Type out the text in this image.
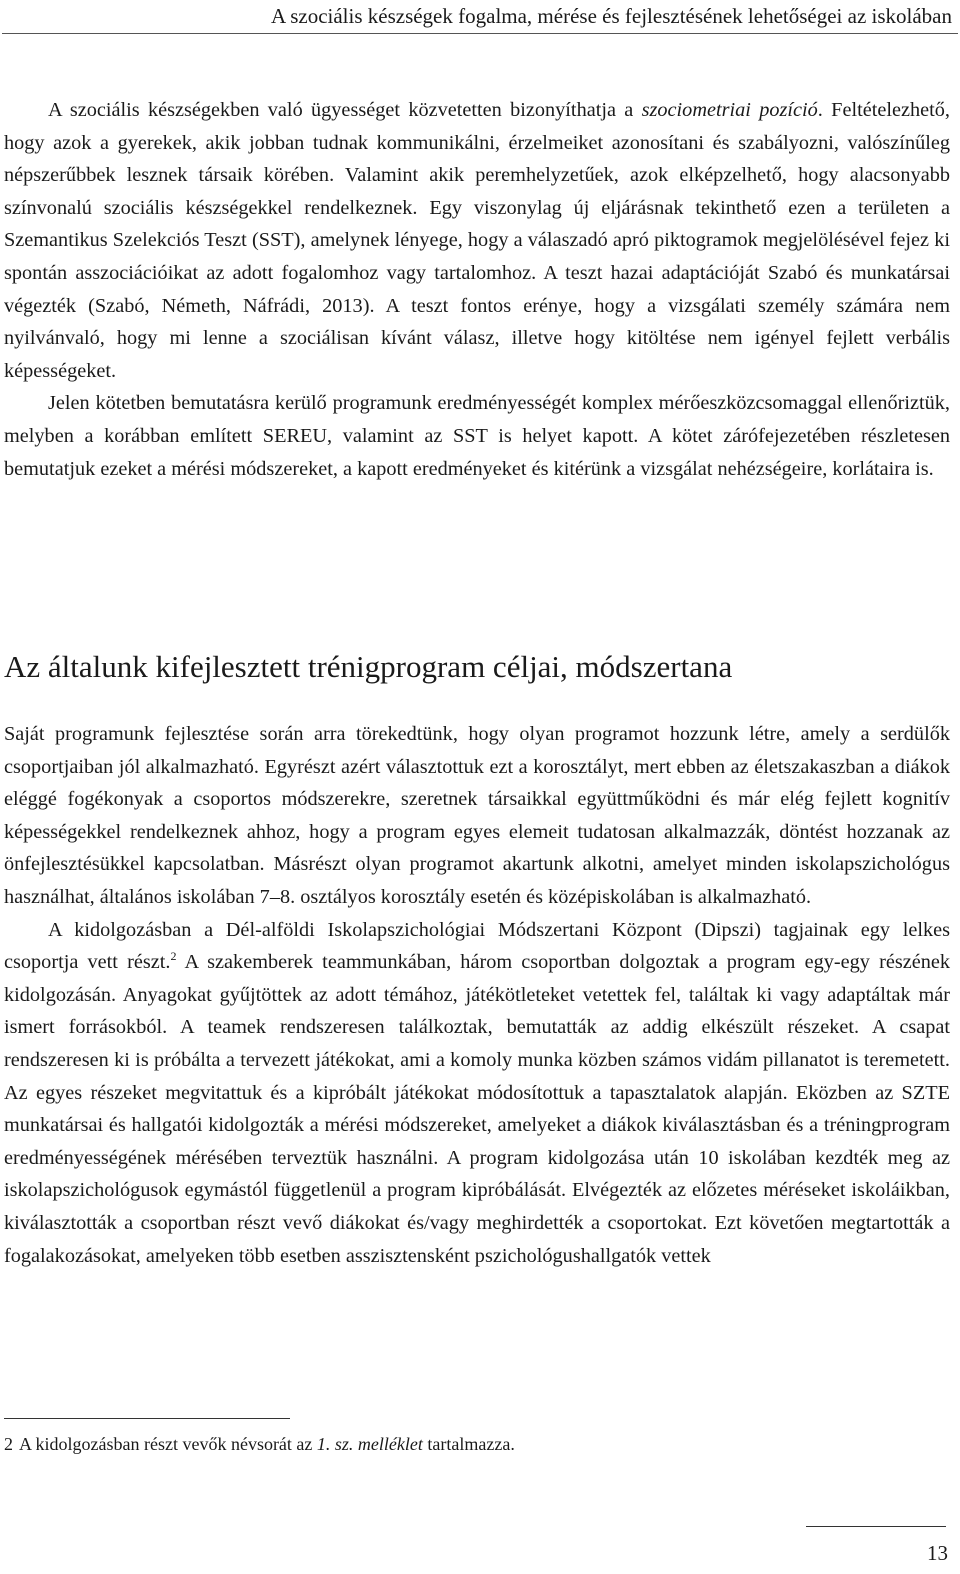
A szociális készségek fogalma, mérése és fejlesztésének lehetőségei az iskolában

A szociális készségekben való ügyességet közvetetten bizonyíthatja a szociometriai pozíció. Feltételezhető, hogy azok a gyerekek, akik jobban tudnak kommunikálni, érzelmeiket azonosítani és szabályozni, valószínűleg népszerűbbek lesznek társaik körében. Valamint akik peremhelyzetűek, azok elképzelhető, hogy alacsonyabb színvonalú szociális készségekkel rendelkeznek. Egy viszonylag új eljárásnak tekinthető ezen a területen a Szemantikus Szelekciós Teszt (SST), amelynek lényege, hogy a válaszadó apró piktogramok megjelölésével fejez ki spontán asszociációikat az adott fogalomhoz vagy tartalomhoz. A teszt hazai adaptációját Szabó és munkatársai végezték (Szabó, Németh, Náfrádi, 2013). A teszt fontos erénye, hogy a vizsgálati személy számára nem nyilvánvaló, hogy mi lenne a szociálisan kívánt válasz, illetve hogy kitöltése nem igényel fejlett verbális képességeket.

Jelen kötetben bemutatásra kerülő programunk eredményességét komplex mérőeszközcsomaggal ellenőriztük, melyben a korábban említett SEREU, valamint az SST is helyet kapott. A kötet zárófejezetében részletesen bemutatjuk ezeket a mérési módszereket, a kapott eredményeket és kitérünk a vizsgálat nehézségeire, korlátaira is.

Az általunk kifejlesztett trénigprogram céljai, módszertana

Saját programunk fejlesztése során arra törekedtünk, hogy olyan programot hozzunk létre, amely a serdülők csoportjaiban jól alkalmazható. Egyrészt azért választottuk ezt a korosztályt, mert ebben az életszakaszban a diákok eléggé fogékonyak a csoportos módszerekre, szeretnek társaikkal együttműködni és már elég fejlett kognitív képességekkel rendelkeznek ahhoz, hogy a program egyes elemeit tudatosan alkalmazzák, döntést hozzanak az önfejlesztésükkel kapcsolatban. Másrészt olyan programot akartunk alkotni, amelyet minden iskolapszichológus használhat, általános iskolában 7–8. osztályos korosztály esetén és középiskolában is alkalmazható.

A kidolgozásban a Dél-alföldi Iskolapszichológiai Módszertani Központ (Dipszi) tagjainak egy lelkes csoportja vett részt.$^2$ A szakemberek teammunkában, három csoportban dolgoztak a program egy-egy részének kidolgozásán. Anyagokat gyűjtöttek az adott témához, játékötleteket vetettek fel, találtak ki vagy adaptáltak már ismert forrásokból. A teamek rendszeresen találkoztak, bemutatták az addig elkészült részeket. A csapat rendszeresen ki is próbálta a tervezett játékokat, ami a komoly munka közben számos vidám pillanatot is teremetett. Az egyes részeket megvitattuk és a kipróbált játékokat módosítottuk a tapasztalatok alapján. Eközben az SZTE munkatársai és hallgatói kidolgozták a mérési módszereket, amelyeket a diákok kiválasztásban és a tréningprogram eredményességének mérésében terveztük használni. A program kidolgozása után 10 iskolában kezdték meg az iskolapszichológusok egymástól függetlenül a program kipróbálását. Elvégezték az előzetes méréseket iskoláikban, kiválasztották a csoportban részt vevő diákokat és/vagy meghirdették a csoportokat. Ezt követően megtartották a fogalakozásokat, amelyeken több esetben asszisztensként pszichológushallgatók vettek

2 A kidolgozásban részt vevők névsorát az 1. sz. melléklet tartalmazza.

13
